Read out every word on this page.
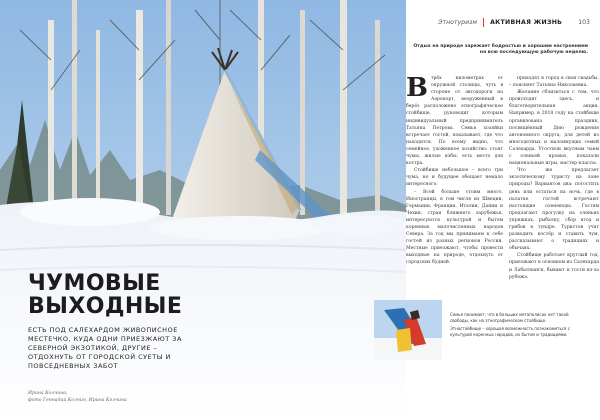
Этнотуризм АКТИВНАЯ ЖИЗНЬ	103
Отдых на природе заряжает бодростью и хорошим настроением на всю последующую рабочую неделю.

Втрёх километрах от окружной столицы, чуть в стороне от автодороги на Аэропорт, вооруженный в берёз расположено этнографическое стойбище, руководит которым индивидуальный предприниматель Татьяна Петрова. Семья хозяйки встречает гостей, показывает, где что находится. По всему видно, что семейное, ухоженное хозяйство: стоят чумы, жилые избы, есть место для костра.

Стойбище небольшое – всего три чума, но и будущее обещает немало интересного.

– Всей больше стоим много. Иностранцы, в том числе из Швеции, Германии, Франции, Италии, Дании и Чехии, стран ближнего зарубежья, интересуются культурой и бытом коренных малочисленных народов Севера. За год мы принимаем к себе гостей из разных регионов России. Местные приезжают, чтобы провести выходные на природе, отдохнуть от городских будней.

приходят в город в свои свадьбы, – поясняет Татьяна Николаевна.

Желание сблизиться с тем, что происходит здесь, и благотворительная акция. Например, в 2018 году на стойбище организована праздник, посвящённый Дню рождения автономного округа, для детей из многодетных и малоимущих семей Салехарда. Угостили вкусным чаем с оленьей кровью, показали национальные игры, мастер-классы.

Что же предлагает экзотическому туристу на лоне природы? Вариантов два: погостить день или остаться на ночь, где в палатке гостей встречают настоящие оленеводы. Гостям предлагают прогулку на оленьих упряжках, рыбалку, сбор ягод и грибов в тундре. Туристов учат разводить костёр и ставить чум, рассказывают о традициях и обычаях.

Стойбище работает круглый год, приезжают в основном из Салехарда и Лабытнанги, бывают и гости из-за рубежа.

ЧУМОВЫЕ
ВЫХОДНЫЕ
ЕСТЬ ПОД САЛЕХАРДОМ ЖИВОПИСНОЕ МЕСТЕЧКО, КУДА ОДНИ ПРИЕЗЖАЮТ ЗА СЕВЕРНОЙ ЭКЗОТИКОЙ, ДРУГИЕ – ОТДОХНУТЬ ОТ ГОРОДСКОЙ СУЕТЫ И ПОВСЕДНЕВНЫХ ЗАБОТ
Ирина Колчина,
фото Геннадий Колчин, Ирина Колчина

Семья понимает, что в больших мегаполисах нет такой свободы, как на этнографическом стойбище.

Этностойбище – хорошая возможность познакомиться с культурой коренных народов, их бытом и традициями.
